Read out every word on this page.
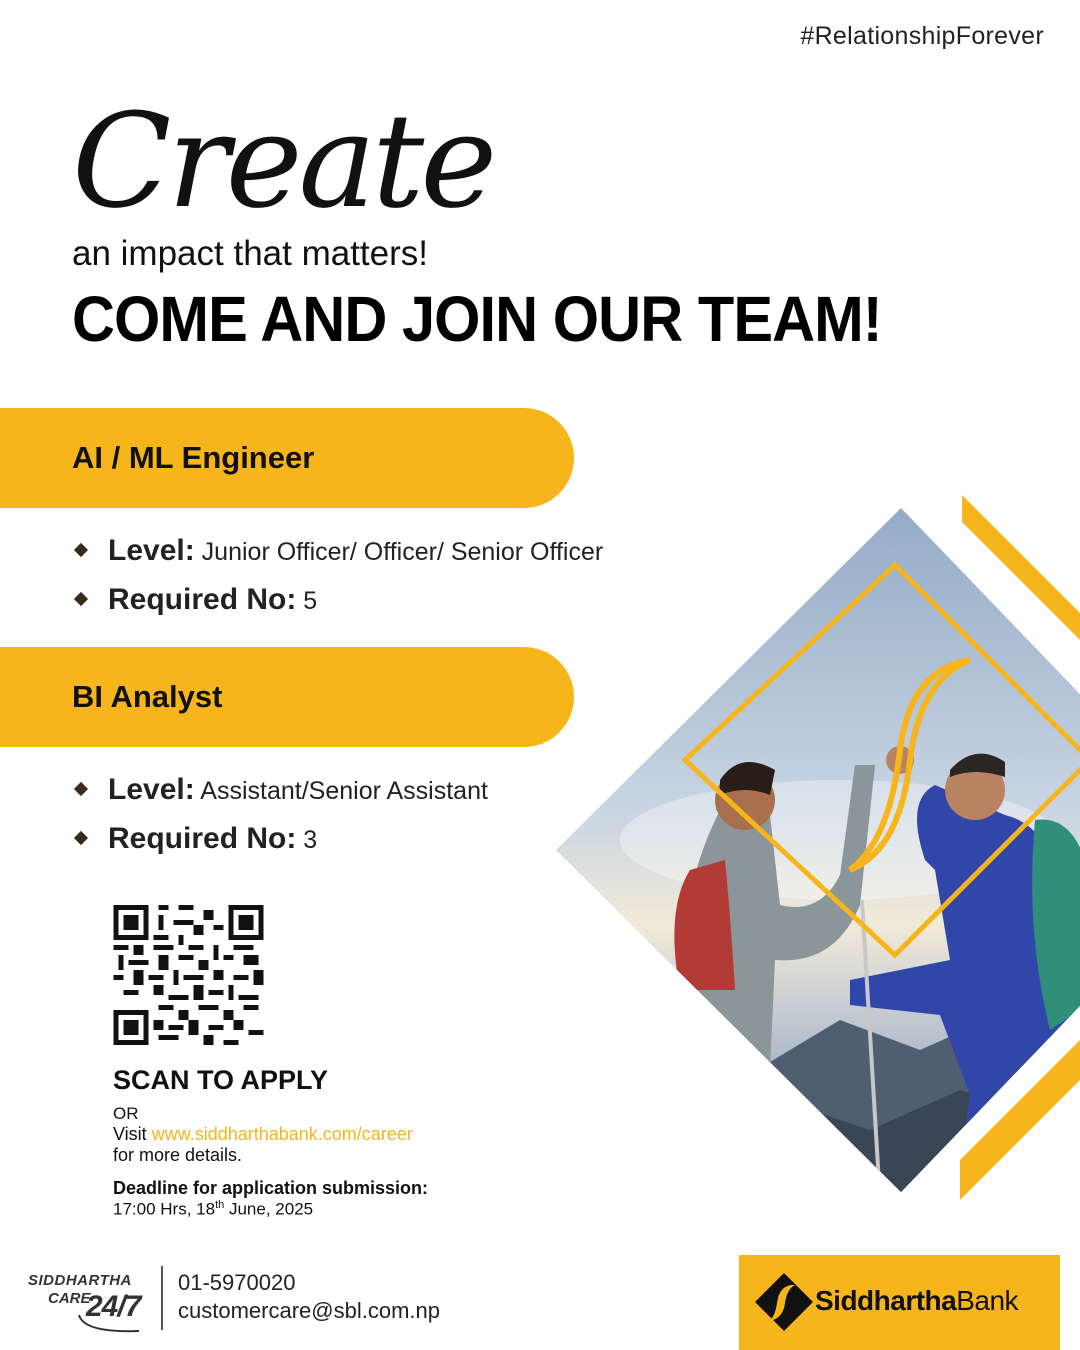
#RelationshipForever
Create
an impact that matters!
COME AND JOIN OUR TEAM!
AI / ML Engineer
Level: Junior Officer/ Officer/ Senior Officer
Required No: 5
BI Analyst
Level: Assistant/Senior Assistant
Required No: 3
SCAN TO APPLY
OR
Visit www.siddharthabank.com/career
for more details.
Deadline for application submission:
17:00 Hrs, 18th June, 2025
SIDDHARTHA
CARE
24/7
01-5970020
customercare@sbl.com.np	SiddharthaBank
